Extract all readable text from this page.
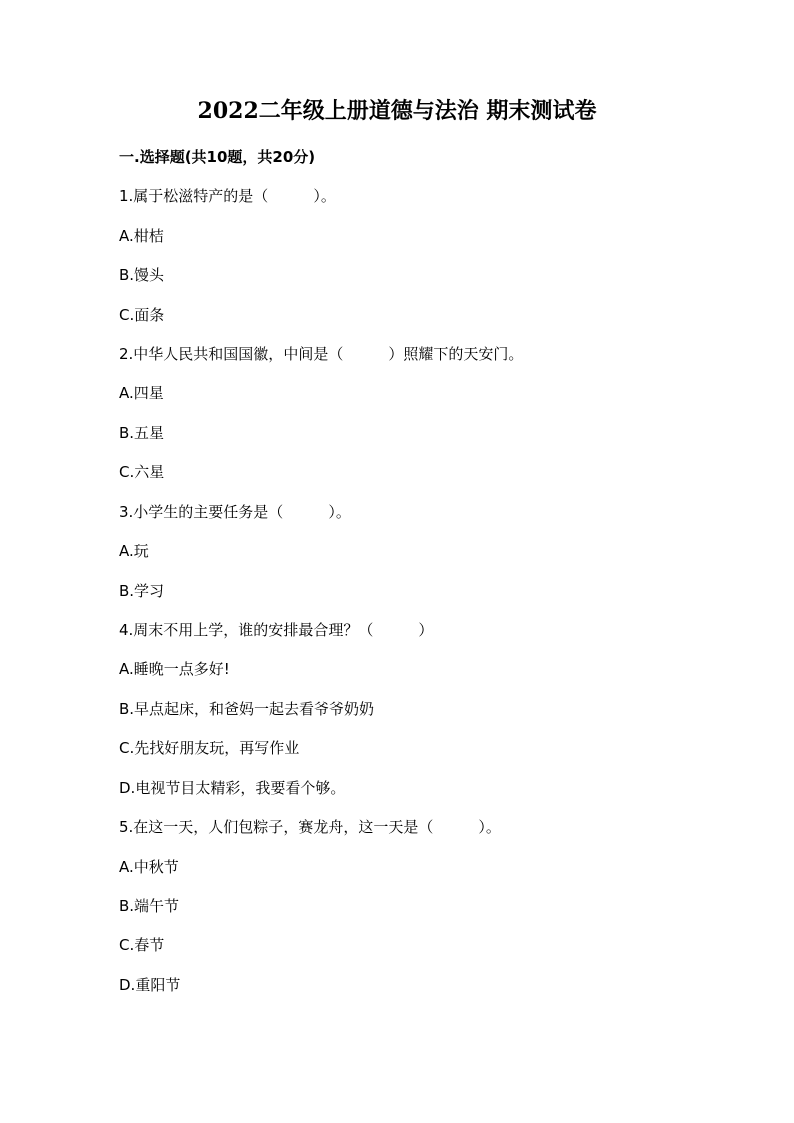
2022二年级上册道德与法治 期末测试卷
一.选择题(共10题，共20分)
1.属于松滋特产的是（　　　）。
A.柑桔
B.馒头
C.面条
2.中华人民共和国国徽，中间是（　　　）照耀下的天安门。
A.四星
B.五星
C.六星
3.小学生的主要任务是（　　　）。
A.玩
B.学习
4.周末不用上学，谁的安排最合理？（　　　）
A.睡晚一点多好!
B.早点起床，和爸妈一起去看爷爷奶奶
C.先找好朋友玩，再写作业
D.电视节目太精彩，我要看个够。
5.在这一天，人们包粽子，赛龙舟，这一天是（　　　）。
A.中秋节
B.端午节
C.春节
D.重阳节
